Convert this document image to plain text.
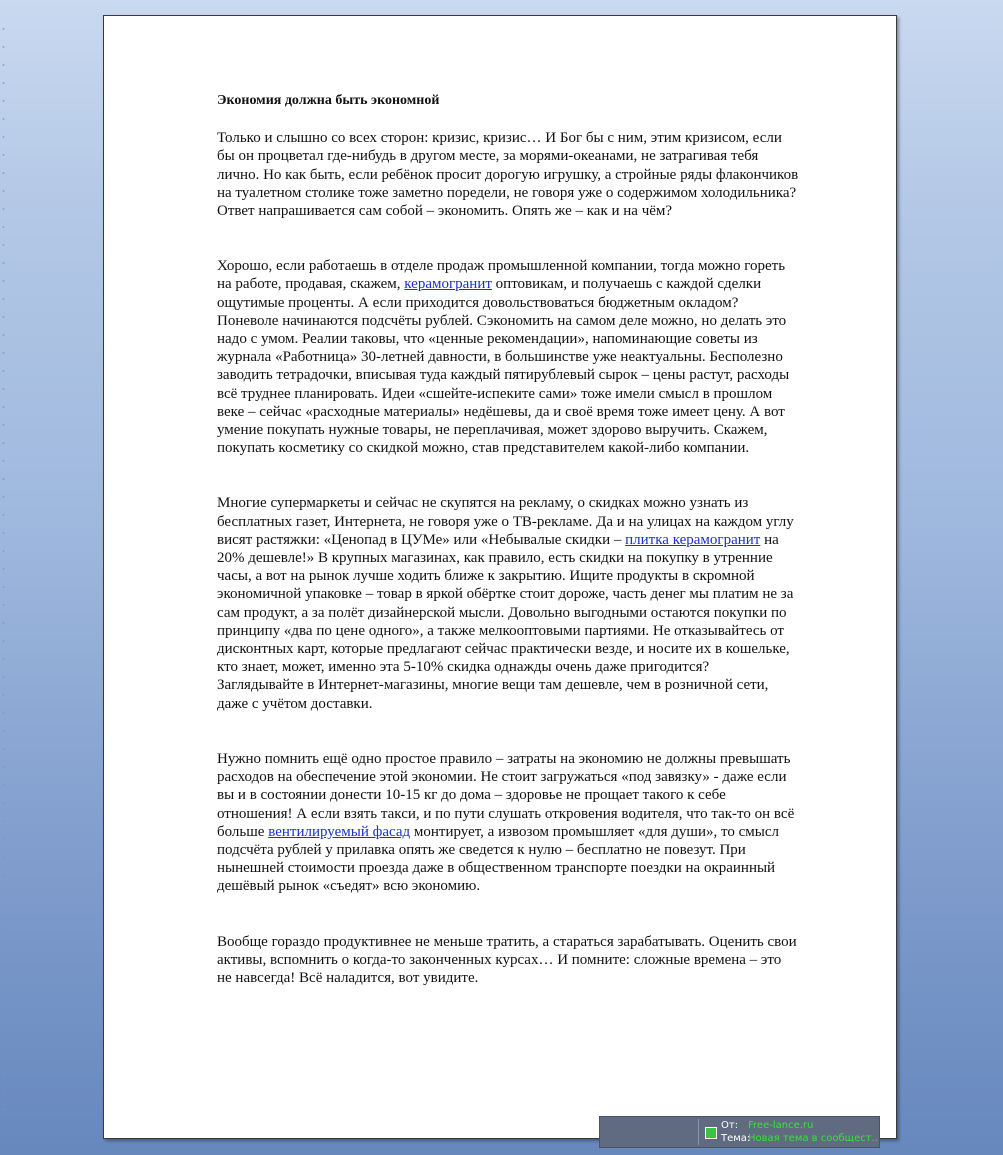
Экономия должна быть экономной

Только и слышно со всех сторон: кризис, кризис… И Бог бы с ним, этим кризисом, если
бы он процветал где-нибудь в другом месте, за морями-океанами, не затрагивая тебя
лично. Но как быть, если ребёнок просит дорогую игрушку, а стройные ряды флакончиков
на туалетном столике тоже заметно поредели, не говоря уже о содержимом холодильника?
Ответ напрашивается сам собой – экономить. Опять же – как и на чём?

Хорошо, если работаешь в отделе продаж промышленной компании, тогда можно гореть
на работе, продавая, скажем, керамогранит оптовикам, и получаешь с каждой сделки
ощутимые проценты. А если приходится довольствоваться бюджетным окладом?
Поневоле начинаются подсчёты рублей. Сэкономить на самом деле можно, но делать это
надо с умом. Реалии таковы, что «ценные рекомендации», напоминающие советы из
журнала «Работница» 30-летней давности, в большинстве уже неактуальны. Бесполезно
заводить тетрадочки, вписывая туда каждый пятирублевый сырок – цены растут, расходы
всё труднее планировать. Идеи «сшейте-испеките сами» тоже имели смысл в прошлом
веке – сейчас «расходные материалы» недёшевы, да и своё время тоже имеет цену. А вот
умение покупать нужные товары, не переплачивая, может здорово выручить. Скажем,
покупать косметику со скидкой можно, став представителем какой-либо компании.

Многие супермаркеты и сейчас не скупятся на рекламу, о скидках можно узнать из
бесплатных газет, Интернета, не говоря уже о ТВ-рекламе. Да и на улицах на каждом углу
висят растяжки: «Ценопад в ЦУМе» или «Небывалые скидки – плитка керамогранит на
20% дешевле!» В крупных магазинах, как правило, есть скидки на покупку в утренние
часы, а вот на рынок лучше ходить ближе к закрытию. Ищите продукты в скромной
экономичной упаковке – товар в яркой обёртке стоит дороже, часть денег мы платим не за
сам продукт, а за полёт дизайнерской мысли. Довольно выгодными остаются покупки по
принципу «два по цене одного», а также мелкооптовыми партиями. Не отказывайтесь от
дисконтных карт, которые предлагают сейчас практически везде, и носите их в кошельке,
кто знает, может, именно эта 5-10% скидка однажды очень даже пригодится?
Заглядывайте в Интернет-магазины, многие вещи там дешевле, чем в розничной сети,
даже с учётом доставки.

Нужно помнить ещё одно простое правило – затраты на экономию не должны превышать
расходов на обеспечение этой экономии. Не стоит загружаться «под завязку» - даже если
вы и в состоянии донести 10-15 кг до дома – здоровье не прощает такого к себе
отношения! А если взять такси, и по пути слушать откровения водителя, что так-то он всё
больше вентилируемый фасад монтирует, а извозом промышляет «для души», то смысл
подсчёта рублей у прилавка опять же сведется к нулю – бесплатно не повезут. При
нынешней стоимости проезда даже в общественном транспорте поездки на окраинный
дешёвый рынок «съедят» всю экономию.

Вообще гораздо продуктивнее не меньше тратить, а стараться зарабатывать. Оценить свои
активы, вспомнить о когда-то законченных курсах… И помните: сложные времена – это
не навсегда! Всё наладится, вот увидите.

От: Free-lance.ru
Тема:Новая тема в сообщест..
